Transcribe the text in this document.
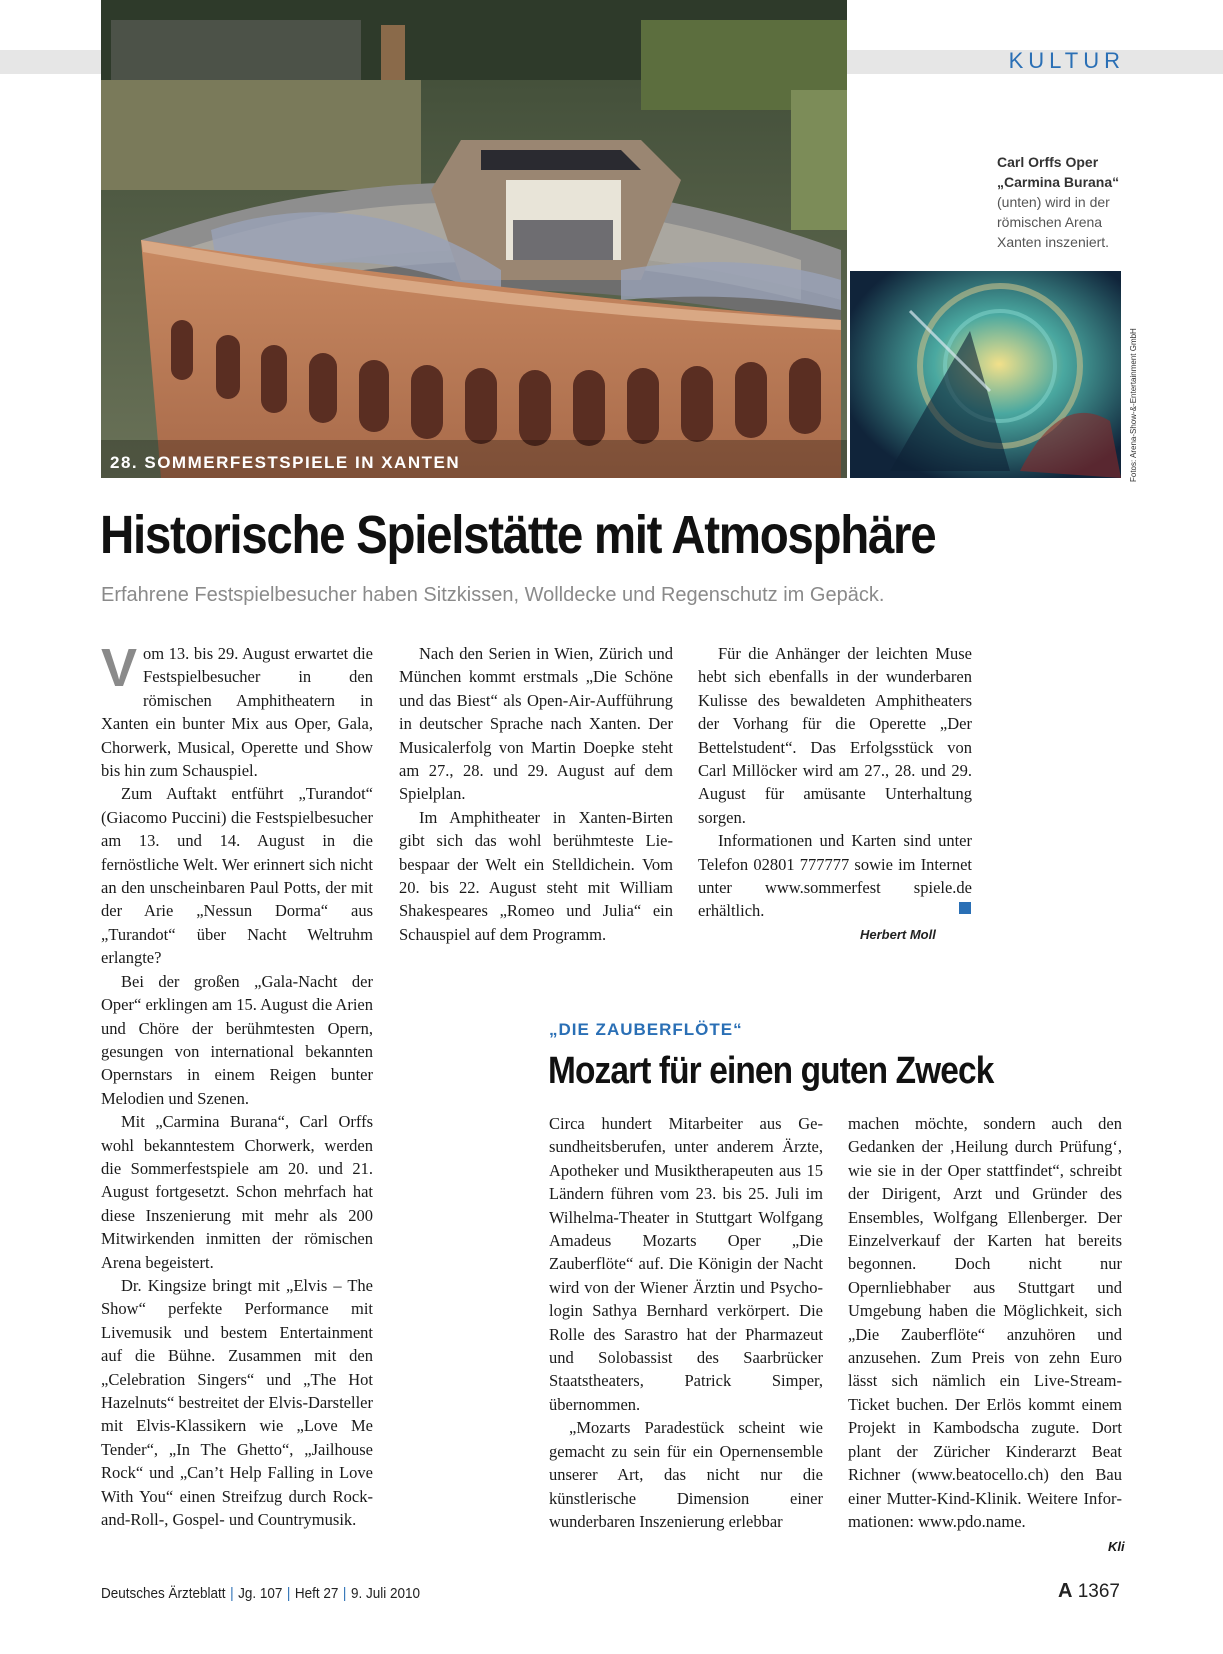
KULTUR
28. SOMMERFESTSPIELE IN XANTEN	Fotos: Arena-Show-&-Entertainment GmbH
Carl Orffs Oper „Carmina Burana“ (unten) wird in der römischen Arena Xanten inszeniert.
Historische Spielstätte mit Atmosphäre
Erfahrene Festspielbesucher haben Sitzkissen, Wolldecke und Regenschutz im Gepäck.

Vom 13. bis 29. August erwartet die Festspielbesucher in den römischen Amphitheatern in Xanten ein bunter Mix aus Oper, Gala, Chorwerk, Musical, Operette und Show bis hin zum Schauspiel.

Zum Auftakt entführt „Turandot“ (Giacomo Puccini) die Festspielbesucher am 13. und 14. August in die fernöstliche Welt. Wer erinnert sich nicht an den unscheinbaren Paul Potts, der mit der Arie „Nessun Dorma“ aus „Turandot“ über Nacht Weltruhm erlangte?

Bei der großen „Gala-Nacht der Oper“ erklingen am 15. August die Arien und Chöre der berühmtesten Opern, gesungen von international bekannten Opernstars in einem Reigen bunter Melodien und Szenen.

Mit „Carmina Burana“, Carl Orffs wohl bekanntestem Chorwerk, werden die Sommerfestspiele am 20. und 21. August fortgesetzt. Schon mehrfach hat diese Inszenierung mit mehr als 200 Mitwirkenden inmitten der römischen Arena begeistert.

Dr. Kingsize bringt mit „Elvis – The Show“ perfekte Performance mit Livemusik und bestem Entertainment auf die Bühne. Zusammen mit den „Celebration Singers“ und „The Hot Hazelnuts“ bestreitet der Elvis-Darsteller mit Elvis-Klassikern wie „Love Me Tender“, „In The Ghetto“, „Jailhouse Rock“ und „Can’t Help Falling in Love With You“ einen Streifzug durch Rock-and-Roll-, Gospel- und Countrymusik.

Nach den Serien in Wien, Zürich und München kommt erstmals „Die Schöne und das Biest“ als Open-Air-Aufführung in deutscher Sprache nach Xanten. Der Musicalerfolg von Martin Doepke steht am 27., 28. und 29. August auf dem Spielplan.

Im Amphitheater in Xanten-Birten gibt sich das wohl berühmteste Liebespaar der Welt ein Stelldichein. Vom 20. bis 22. August steht mit William Shakespeares „Romeo und Julia“ ein Schauspiel auf dem Programm.

Für die Anhänger der leichten Muse hebt sich ebenfalls in der wunderbaren Kulisse des bewaldeten Amphitheaters der Vorhang für die Operette „Der Bettelstudent“. Das Erfolgsstück von Carl Millöcker wird am 27., 28. und 29. August für amüsante Unterhaltung sorgen.

Informationen und Karten sind unter Telefon 02801 777777 sowie im Internet unter www.sommerfest spiele.de erhältlich.

Herbert Moll
„DIE ZAUBERFLÖTE“
Mozart für einen guten Zweck

Circa hundert Mitarbeiter aus Gesundheitsberufen, unter anderem Ärzte, Apotheker und Musiktherapeuten aus 15 Ländern führen vom 23. bis 25. Juli im Wilhelma-Theater in Stuttgart Wolfgang Amadeus Mozarts Oper „Die Zauberflöte“ auf. Die Königin der Nacht wird von der Wiener Ärztin und Psychologin Sathya Bernhard verkörpert. Die Rolle des Sarastro hat der Pharmazeut und Solobassist des Saarbrücker Staatstheaters, Patrick Simper, übernommen.

„Mozarts Paradestück scheint wie gemacht zu sein für ein Opernensemble unserer Art, das nicht nur die künstlerische Dimension einer wunderbaren Inszenierung erlebbar

machen möchte, sondern auch den Gedanken der ‚Heilung durch Prüfung‘, wie sie in der Oper stattfindet“, schreibt der Dirigent, Arzt und Gründer des Ensembles, Wolfgang Ellenberger. Der Einzelverkauf der Karten hat bereits begonnen. Doch nicht nur Opernliebhaber aus Stuttgart und Umgebung haben die Möglichkeit, sich „Die Zauberflöte“ anzuhören und anzusehen. Zum Preis von zehn Euro lässt sich nämlich ein Live-Stream-Ticket buchen. Der Erlös kommt einem Projekt in Kambodscha zugute. Dort plant der Züricher Kinderarzt Beat Richner (www.beatocello.ch) den Bau einer Mutter-Kind-Klinik. Weitere Informationen: www.pdo.name.

Kli
Deutsches Ärzteblatt | Jg. 107 | Heft 27 | 9. Juli 2010	A 1367
